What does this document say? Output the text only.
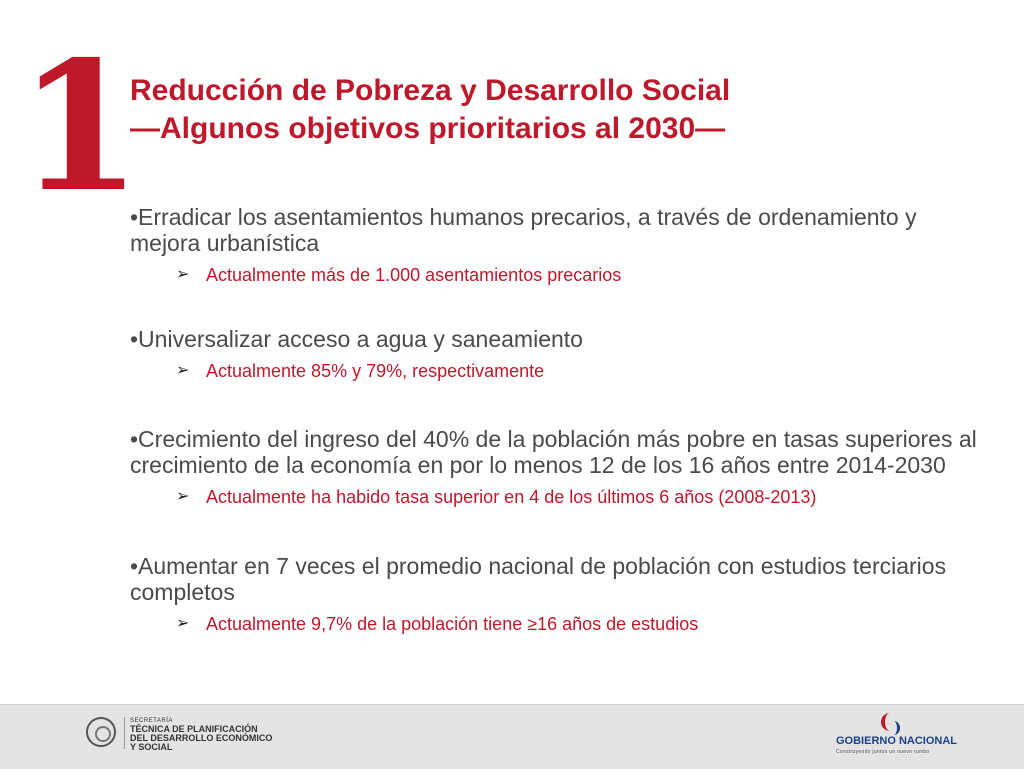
1
Reducción de Pobreza y Desarrollo Social
—Algunos objetivos prioritarios al 2030—
•Erradicar los asentamientos humanos precarios, a través de ordenamiento y mejora urbanística
➢ Actualmente más de 1.000 asentamientos precarios
•Universalizar acceso a agua y saneamiento
➢ Actualmente 85% y 79%, respectivamente
•Crecimiento del ingreso del 40% de la población más pobre en tasas superiores al crecimiento de la economía en por lo menos 12 de los 16 años entre 2014-2030
➢ Actualmente ha habido tasa superior en 4 de los últimos 6 años (2008-2013)
•Aumentar en 7 veces el promedio nacional de población con estudios terciarios completos
➢ Actualmente 9,7% de la población tiene ≥16 años de estudios
SECRETARÍA
TÉCNICA DE PLANIFICACIÓN
DEL DESARROLLO ECONÓMICO
Y SOCIAL	GOBIERNO NACIONAL
Construyendo juntos un nuevo rumbo
